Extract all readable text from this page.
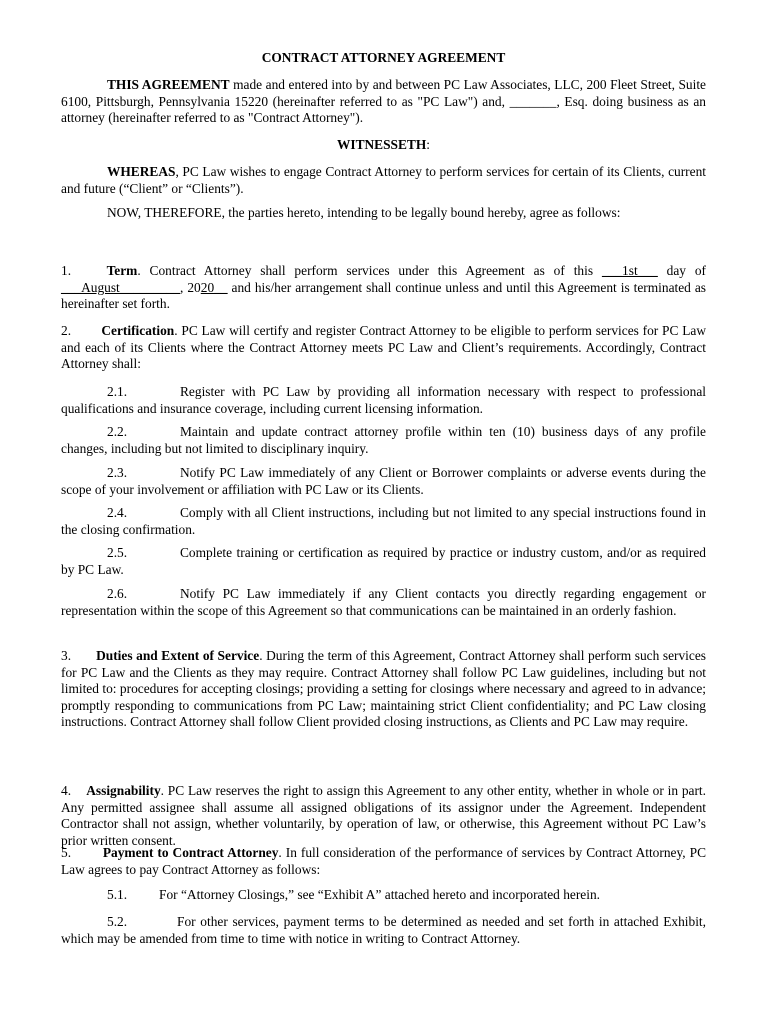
CONTRACT ATTORNEY AGREEMENT

THIS AGREEMENT made and entered into by and between PC Law Associates, LLC, 200 Fleet Street, Suite 6100, Pittsburgh, Pennsylvania 15220 (hereinafter referred to as "PC Law") and, _______, Esq. doing business as an attorney (hereinafter referred to as "Contract Attorney").

WITNESSETH:

WHEREAS, PC Law wishes to engage Contract Attorney to perform services for certain of its Clients, current and future (“Client” or “Clients”).

NOW, THEREFORE, the parties hereto, intending to be legally bound hereby, agree as follows:

1.	Term. Contract Attorney shall perform services under this Agreement as of this ___1st___ day of ___August_________, 2020__ and his/her arrangement shall continue unless and until this Agreement is terminated as hereinafter set forth.

2. Certification. PC Law will certify and register Contract Attorney to be eligible to perform services for PC Law and each of its Clients where the Contract Attorney meets PC Law and Client’s requirements. Accordingly, Contract Attorney shall:

2.1.	Register with PC Law by providing all information necessary with respect to professional qualifications and insurance coverage, including current licensing information.

2.2.	Maintain and update contract attorney profile within ten (10) business days of any profile changes, including but not limited to disciplinary inquiry.

2.3.	Notify PC Law immediately of any Client or Borrower complaints or adverse events during the scope of your involvement or affiliation with PC Law or its Clients.

2.4.	Comply with all Client instructions, including but not limited to any special instructions found in the closing confirmation.

2.5.	Complete training or certification as required by practice or industry custom, and/or as required by PC Law.

2.6.	Notify PC Law immediately if any Client contacts you directly regarding engagement or representation within the scope of this Agreement so that communications can be maintained in an orderly fashion.

3. Duties and Extent of Service. During the term of this Agreement, Contract Attorney shall perform such services for PC Law and the Clients as they may require. Contract Attorney shall follow PC Law guidelines, including but not limited to: procedures for accepting closings; providing a setting for closings where necessary and agreed to in advance; promptly responding to communications from PC Law; maintaining strict Client confidentiality; and PC Law closing instructions. Contract Attorney shall follow Client provided closing instructions, as Clients and PC Law may require.

4. Assignability. PC Law reserves the right to assign this Agreement to any other entity, whether in whole or in part. Any permitted assignee shall assume all assigned obligations of its assignor under the Agreement. Independent Contractor shall not assign, whether voluntarily, by operation of law, or otherwise, this Agreement without PC Law’s prior written consent.

5. Payment to Contract Attorney. In full consideration of the performance of services by Contract Attorney, PC Law agrees to pay Contract Attorney as follows:

5.1. For “Attorney Closings,” see “Exhibit A” attached hereto and incorporated herein.

5.2.	For other services, payment terms to be determined as needed and set forth in attached Exhibit, which may be amended from time to time with notice in writing to Contract Attorney.
